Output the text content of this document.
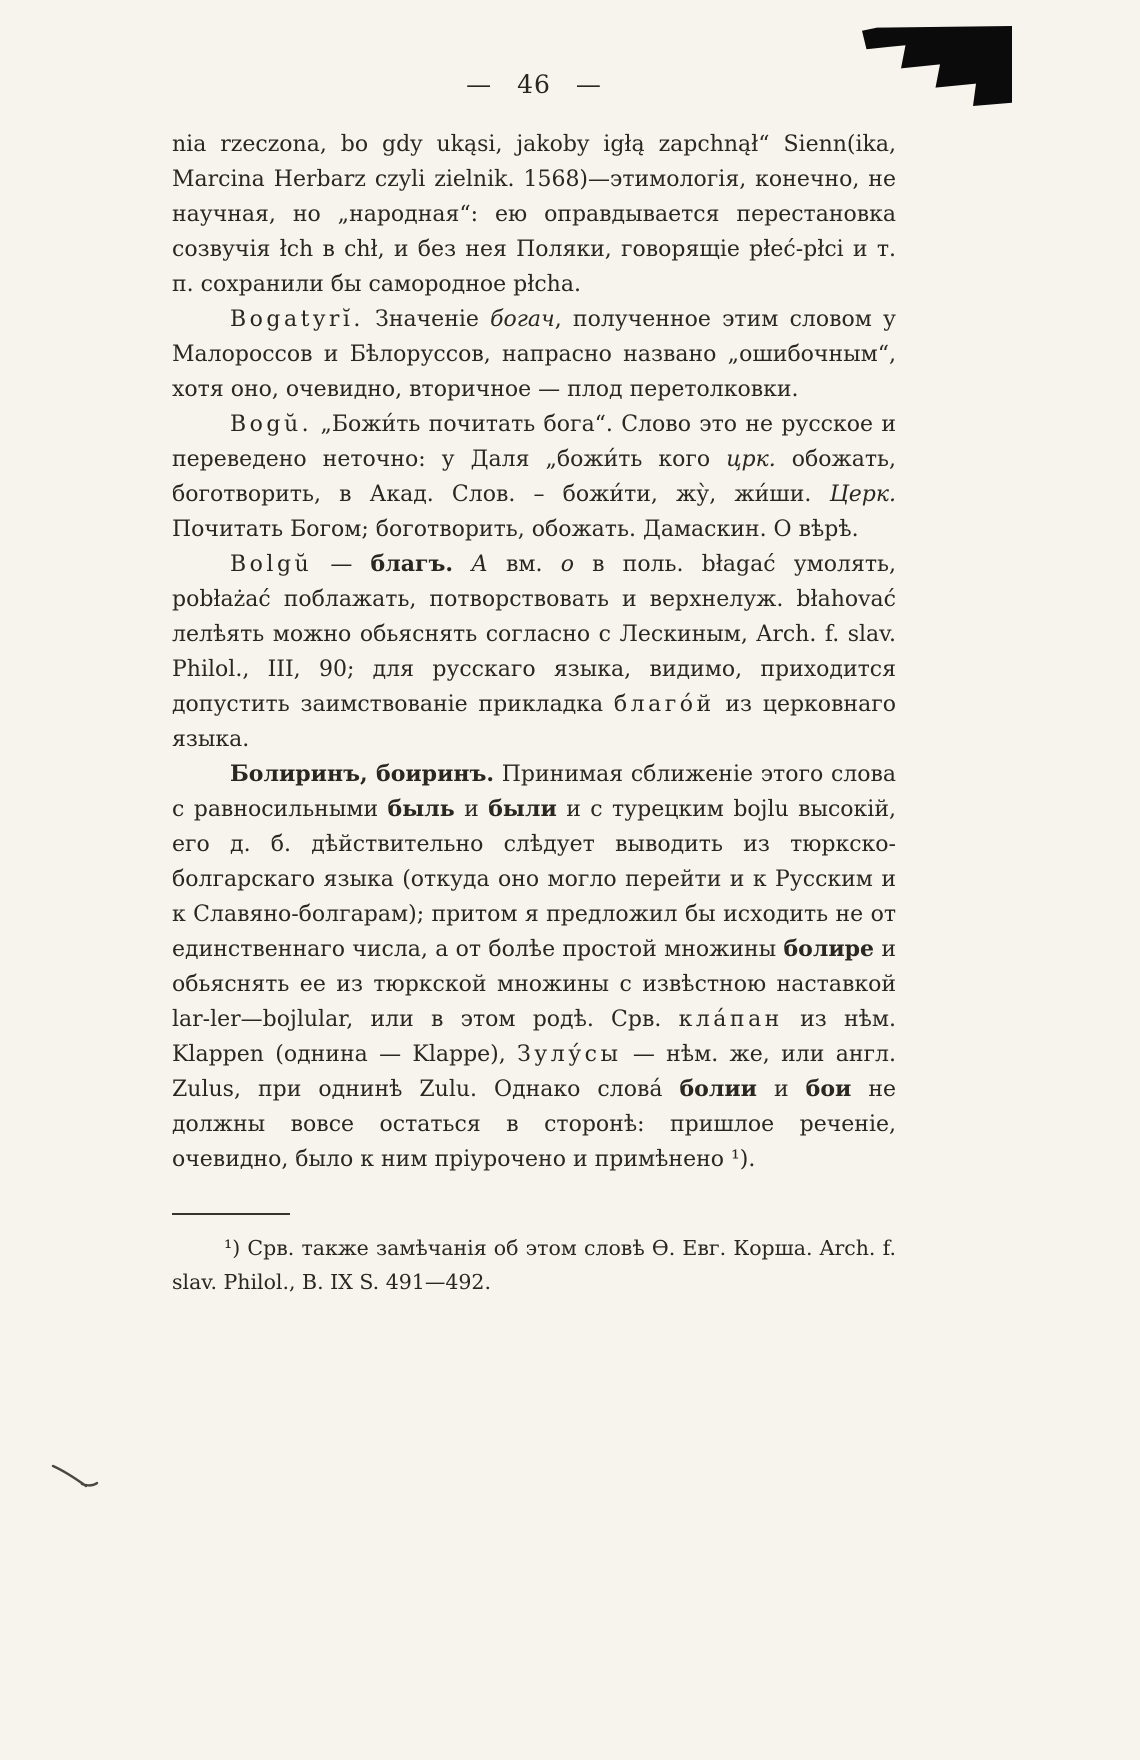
— 46 —

nia rzeczona, bo gdy ukąsi, jakoby igłą zapchnął“ Sienn(ika, Marcina Herbarz czyli zielnik. 1568)—этимологія, конечно, не научная, но „народная“: ею оправдывается перестановка созвучія łch в chł, и без нея Поляки, говорящіе płeć-płci и т. п. сохранили бы самородное płcha.

Bogatyrĭ. Значеніе богач, полученное этим словом у Малороссов и Бѣлоруссов, напрасно названо „ошибочным“, хотя оно, очевидно, вторичное — плод перетолковки.

Bogŭ. „Божи́ть почитать бога“. Слово это не русское и переведено неточно: у Даля „божи́ть кого црк. обожать, боготворить, в Акад. Слов. – божи́ти, жу̀, жи́ши. Церк. Почитать Богом; боготворить, обожать. Дамаскин. О вѣрѣ.

Bolgŭ — благъ. А вм. о в поль. błagać умолять, pobłażać поблажать, потворствовать и верхнелуж. błahovać лелѣять можно обьяснять согласно с Лескиным, Arch. f. slav. Philol., III, 90; для русскаго языка, видимо, приходится допустить заимствованіе прикладка благо́й из церковнаго языка.

Болиринъ, боиринъ. Принимая сближеніе этого слова с равносильными быль и были и с турецким bojlu высокій, его д. б. дѣйствительно слѣдует выводить из тюркско-болгарскаго языка (откуда оно могло перейти и к Русским и к Славяно-болгарам); притом я предложил бы исходить не от единственнаго числа, а от болѣе простой множины болире и обьяснять ее из тюркской множины с извѣстною наставкой lar-ler—bojlular, или в этом родѣ. Срв. кла́пан из нѣм. Klappen (однина — Klappe), Зулу́сы — нѣм. же, или англ. Zulus, при однинѣ Zulu. Однако слова́ болии и бои не должны вовсе остаться в сторонѣ: пришлое реченіе, очевидно, было к ним пріурочено и примѣнено ¹).

¹) Срв. также замѣчанія об этом словѣ Ѳ. Евг. Корша. Arch. f. slav. Philol., B. IX S. 491—492.
